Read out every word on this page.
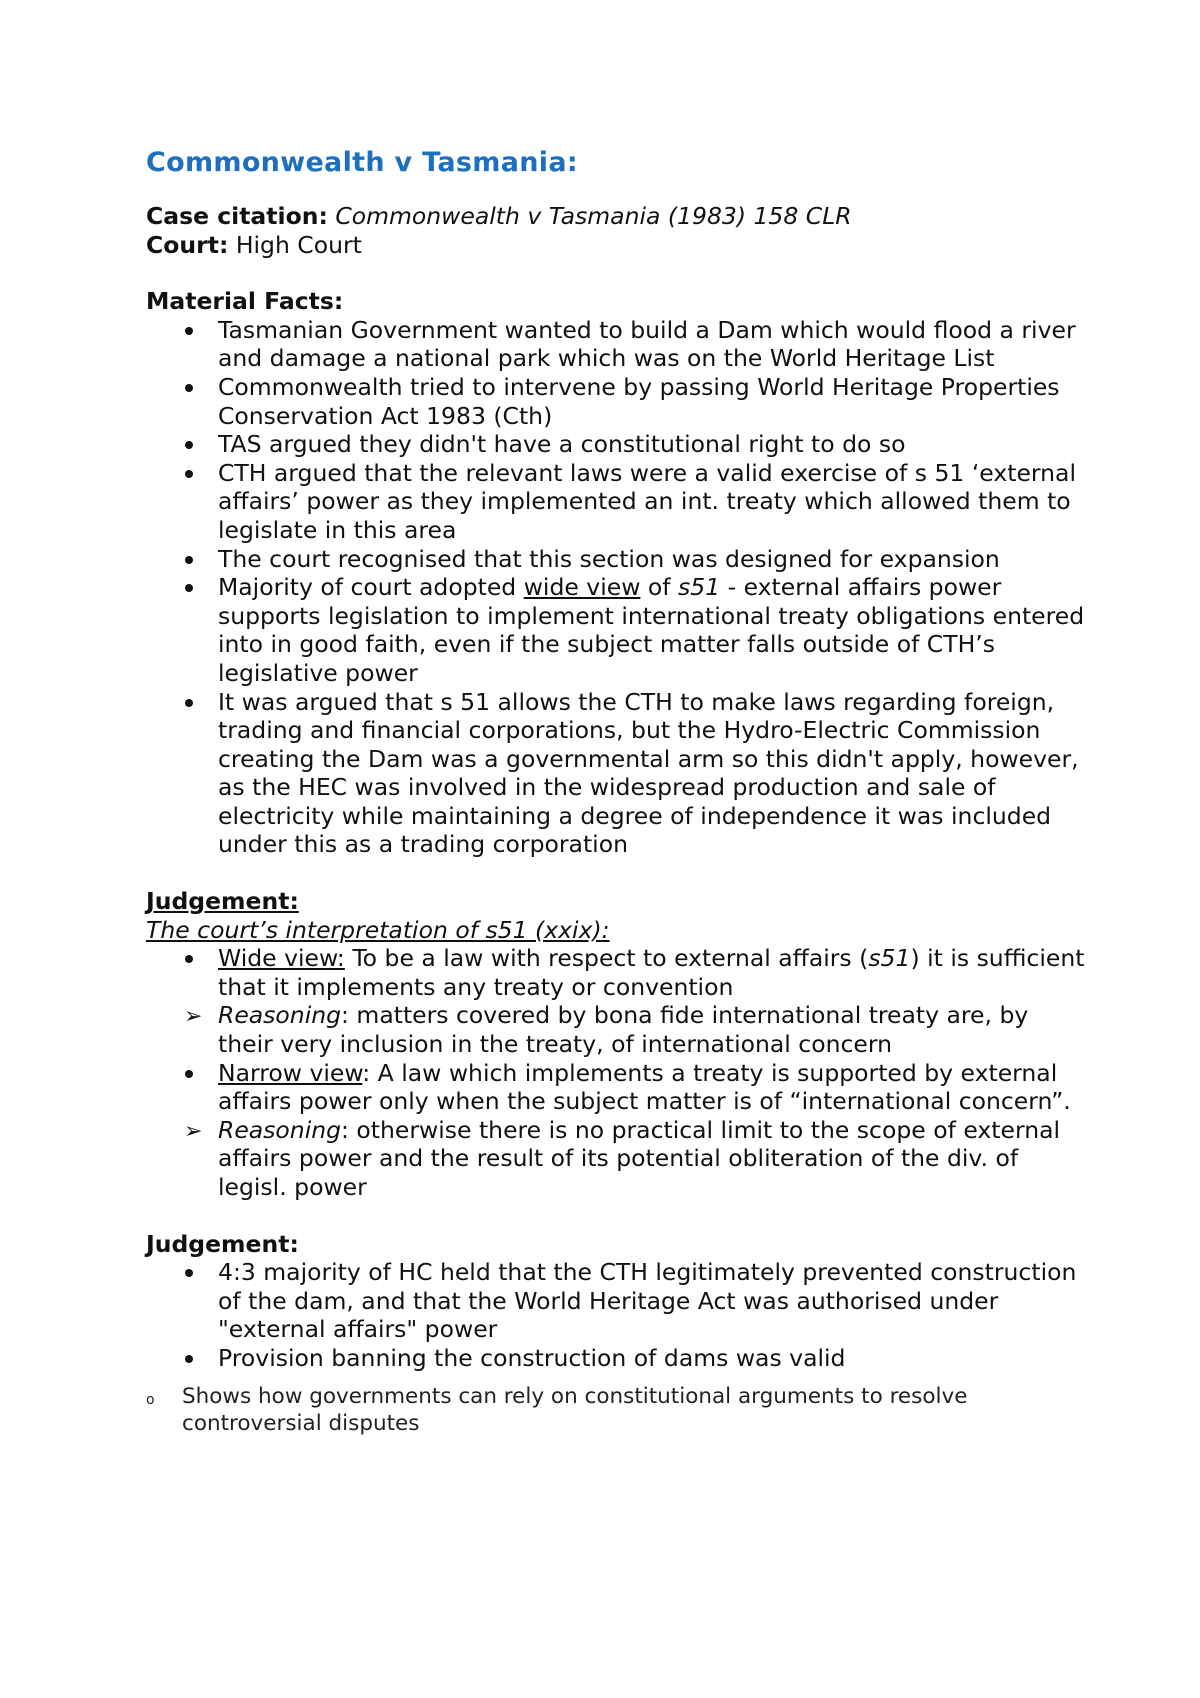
Commonwealth v Tasmania:

Case citation: Commonwealth v Tasmania (1983) 158 CLR

Court: High Court

Material Facts:

Tasmanian Government wanted to build a Dam which would flood a river and damage a national park which was on the World Heritage List
Commonwealth tried to intervene by passing World Heritage Properties Conservation Act 1983 (Cth)
TAS argued they didn't have a constitutional right to do so
CTH argued that the relevant laws were a valid exercise of s 51 ‘external affairs’ power as they implemented an int. treaty which allowed them to legislate in this area
The court recognised that this section was designed for expansion
Majority of court adopted wide view of s51 - external affairs power supports legislation to implement international treaty obligations entered into in good faith, even if the subject matter falls outside of CTH’s legislative power
It was argued that s 51 allows the CTH to make laws regarding foreign, trading and financial corporations, but the Hydro-Electric Commission creating the Dam was a governmental arm so this didn't apply, however, as the HEC was involved in the widespread production and sale of electricity while maintaining a degree of independence it was included under this as a trading corporation

Judgement:

The court’s interpretation of s51 (xxix):

Wide view: To be a law with respect to external affairs (s51) it is sufficient that it implements any treaty or convention
➢ Reasoning: matters covered by bona fide international treaty are, by their very inclusion in the treaty, of international concern
Narrow view: A law which implements a treaty is supported by external affairs power only when the subject matter is of “international concern”.
➢ Reasoning: otherwise there is no practical limit to the scope of external affairs power and the result of its potential obliteration of the div. of legisl. power

Judgement:

4:3 majority of HC held that the CTH legitimately prevented construction of the dam, and that the World Heritage Act was authorised under "external affairs" power
Provision banning the construction of dams was valid
o Shows how governments can rely on constitutional arguments to resolve controversial disputes
